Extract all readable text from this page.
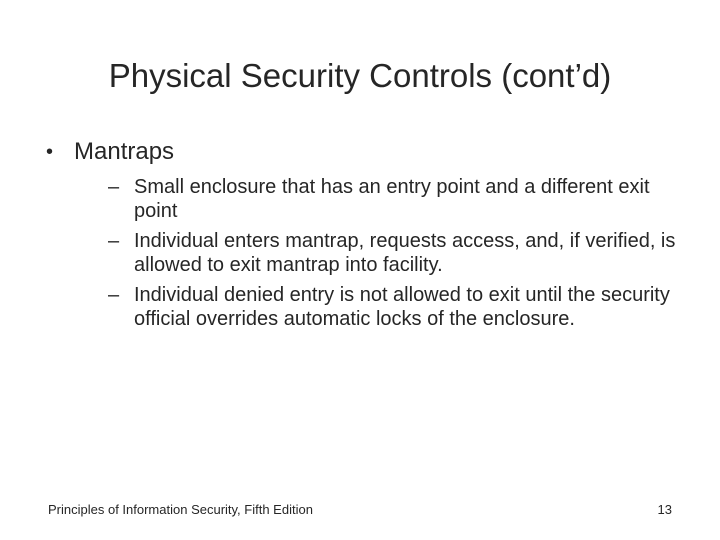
Physical Security Controls (cont’d)
• Mantraps
– Small enclosure that has an entry point and a different exit point
– Individual enters mantrap, requests access, and, if verified, is allowed to exit mantrap into facility.
– Individual denied entry is not allowed to exit until the security official overrides automatic locks of the enclosure.
Principles of Information Security, Fifth Edition	13
